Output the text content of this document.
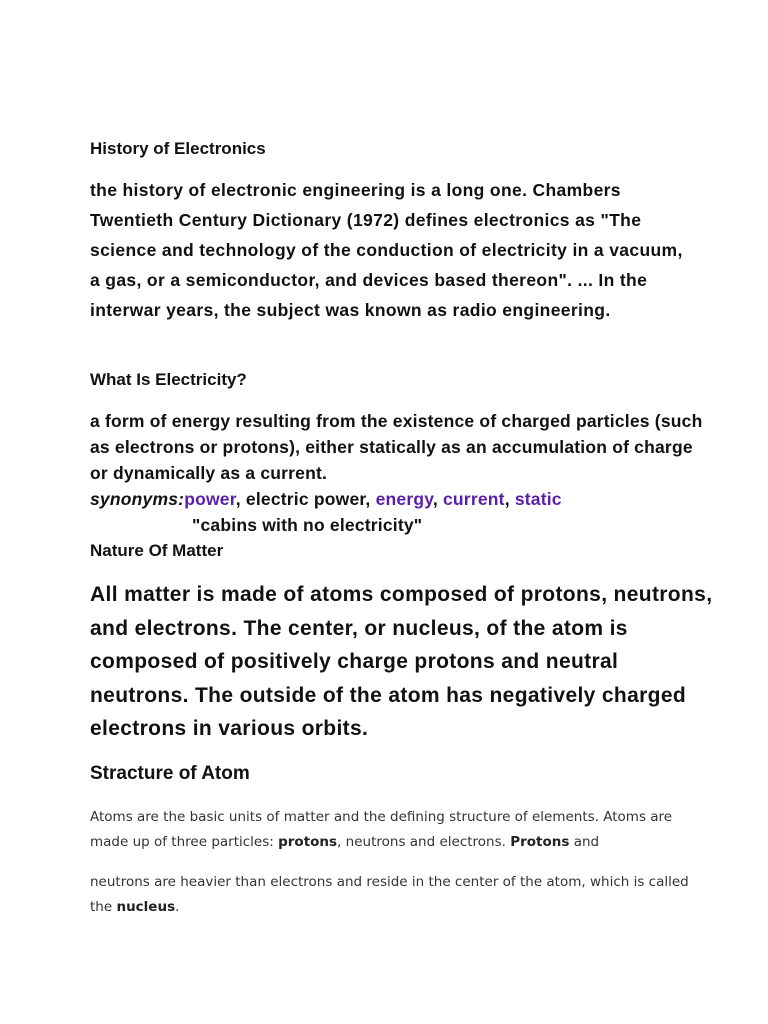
History of Electronics

the history of electronic engineering is a long one. Chambers Twentieth Century Dictionary (1972) defines electronics as "The science and technology of the conduction of electricity in a vacuum, a gas, or a semiconductor, and devices based thereon". ... In the interwar years, the subject was known as radio engineering.

What Is Electricity?
a form of energy resulting from the existence of charged particles (such as electrons or protons), either statically as an accumulation of charge or dynamically as a current.
synonyms:power, electric power, energy, current, static
"cabins with no electricity"
Nature Of Matter

All matter is made of atoms composed of protons, neutrons, and electrons. The center, or nucleus, of the atom is composed of positively charge protons and neutral neutrons. The outside of the atom has negatively charged electrons in various orbits.

Stracture of Atom

Atoms are the basic units of matter and the defining structure of elements. Atoms are made up of three particles: protons, neutrons and electrons. Protons and

neutrons are heavier than electrons and reside in the center of the atom, which is called the nucleus.
